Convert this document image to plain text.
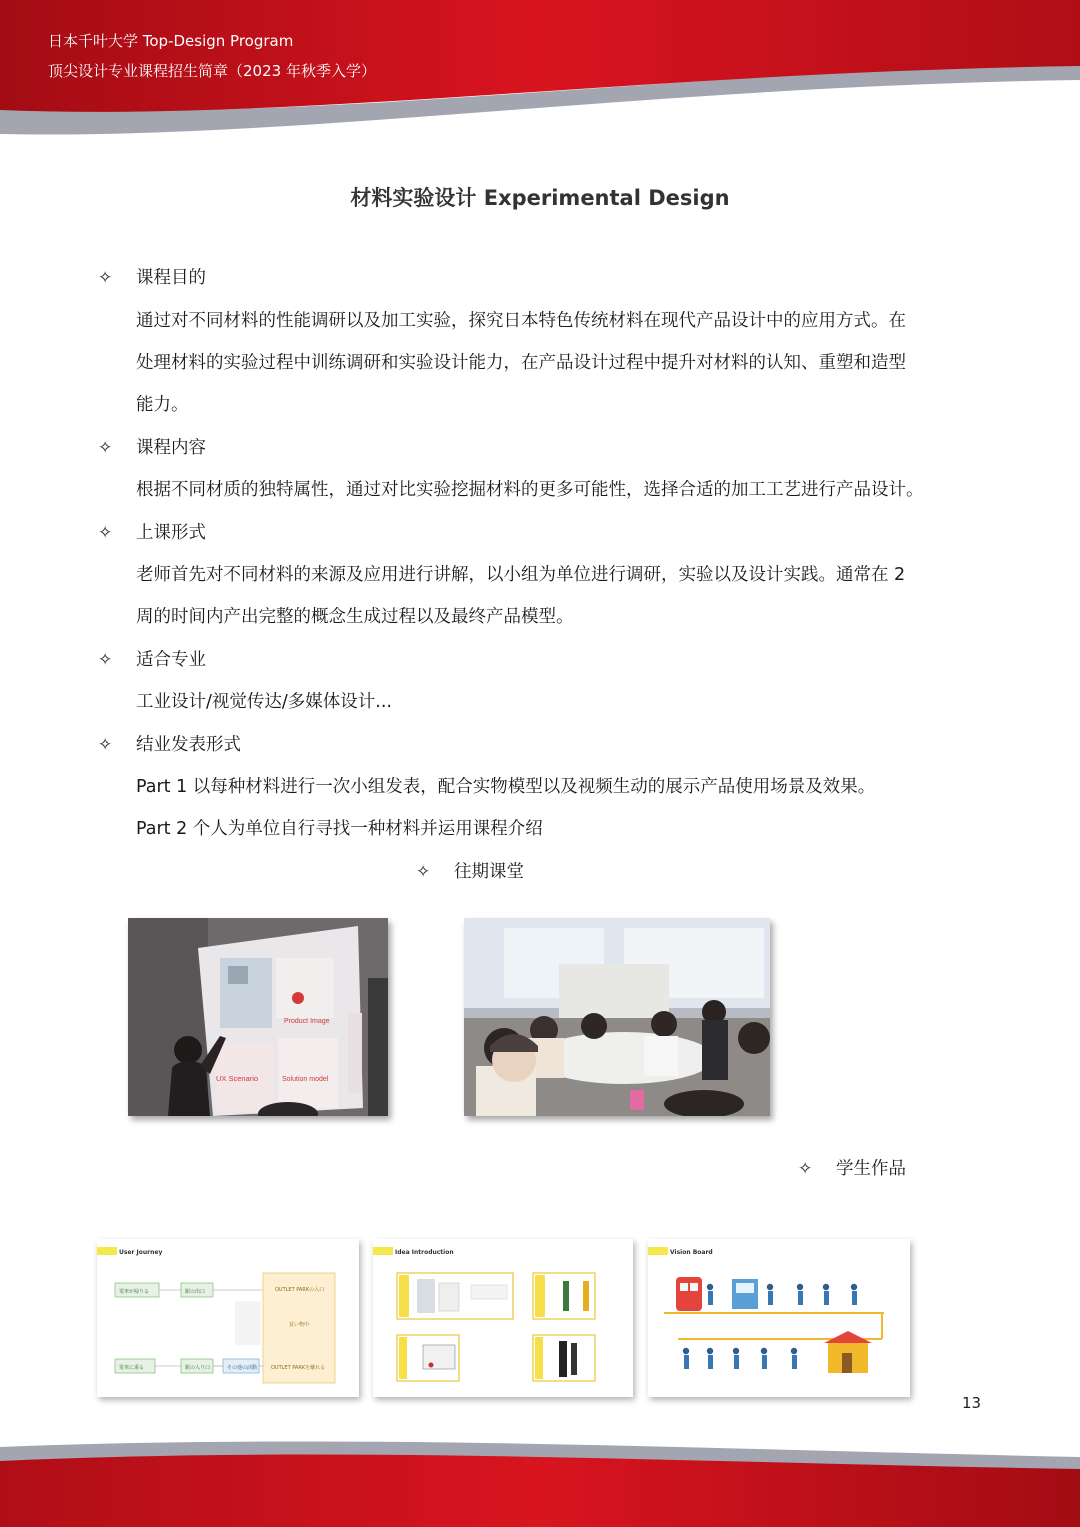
日本千叶大学 Top-Design Program
顶尖设计专业课程招生简章（2023 年秋季入学）
材料实验设计 Experimental Design
✧ 课程目的
通过对不同材料的性能调研以及加工实验，探究日本特色传统材料在现代产品设计中的应用方式。在
处理材料的实验过程中训练调研和实验设计能力，在产品设计过程中提升对材料的认知、重塑和造型
能力。
✧ 课程内容
根据不同材质的独特属性，通过对比实验挖掘材料的更多可能性，选择合适的加工工艺进行产品设计。
✧ 上课形式
老师首先对不同材料的来源及应用进行讲解，以小组为单位进行调研，实验以及设计实践。通常在 2
周的时间内产出完整的概念生成过程以及最终产品模型。
✧ 适合专业
工业设计/视觉传达/多媒体设计...
✧ 结业发表形式
Part 1 以每种材料进行一次小组发表，配合实物模型以及视频生动的展示产品使用场景及效果。
Part 2 个人为单位自行寻找一种材料并运用课程介绍
✧ 往期课堂
Product Image
UX Scenario	Solution model
✧ 学生作品
User Journey
電車が帰りる	駅の出口	OUTLET PARKの入口
買い物中
OUTLET PARKを離れる
電車に乗る	駅の入り口	その他の活動
Idea Introduction	Vision Board
13
